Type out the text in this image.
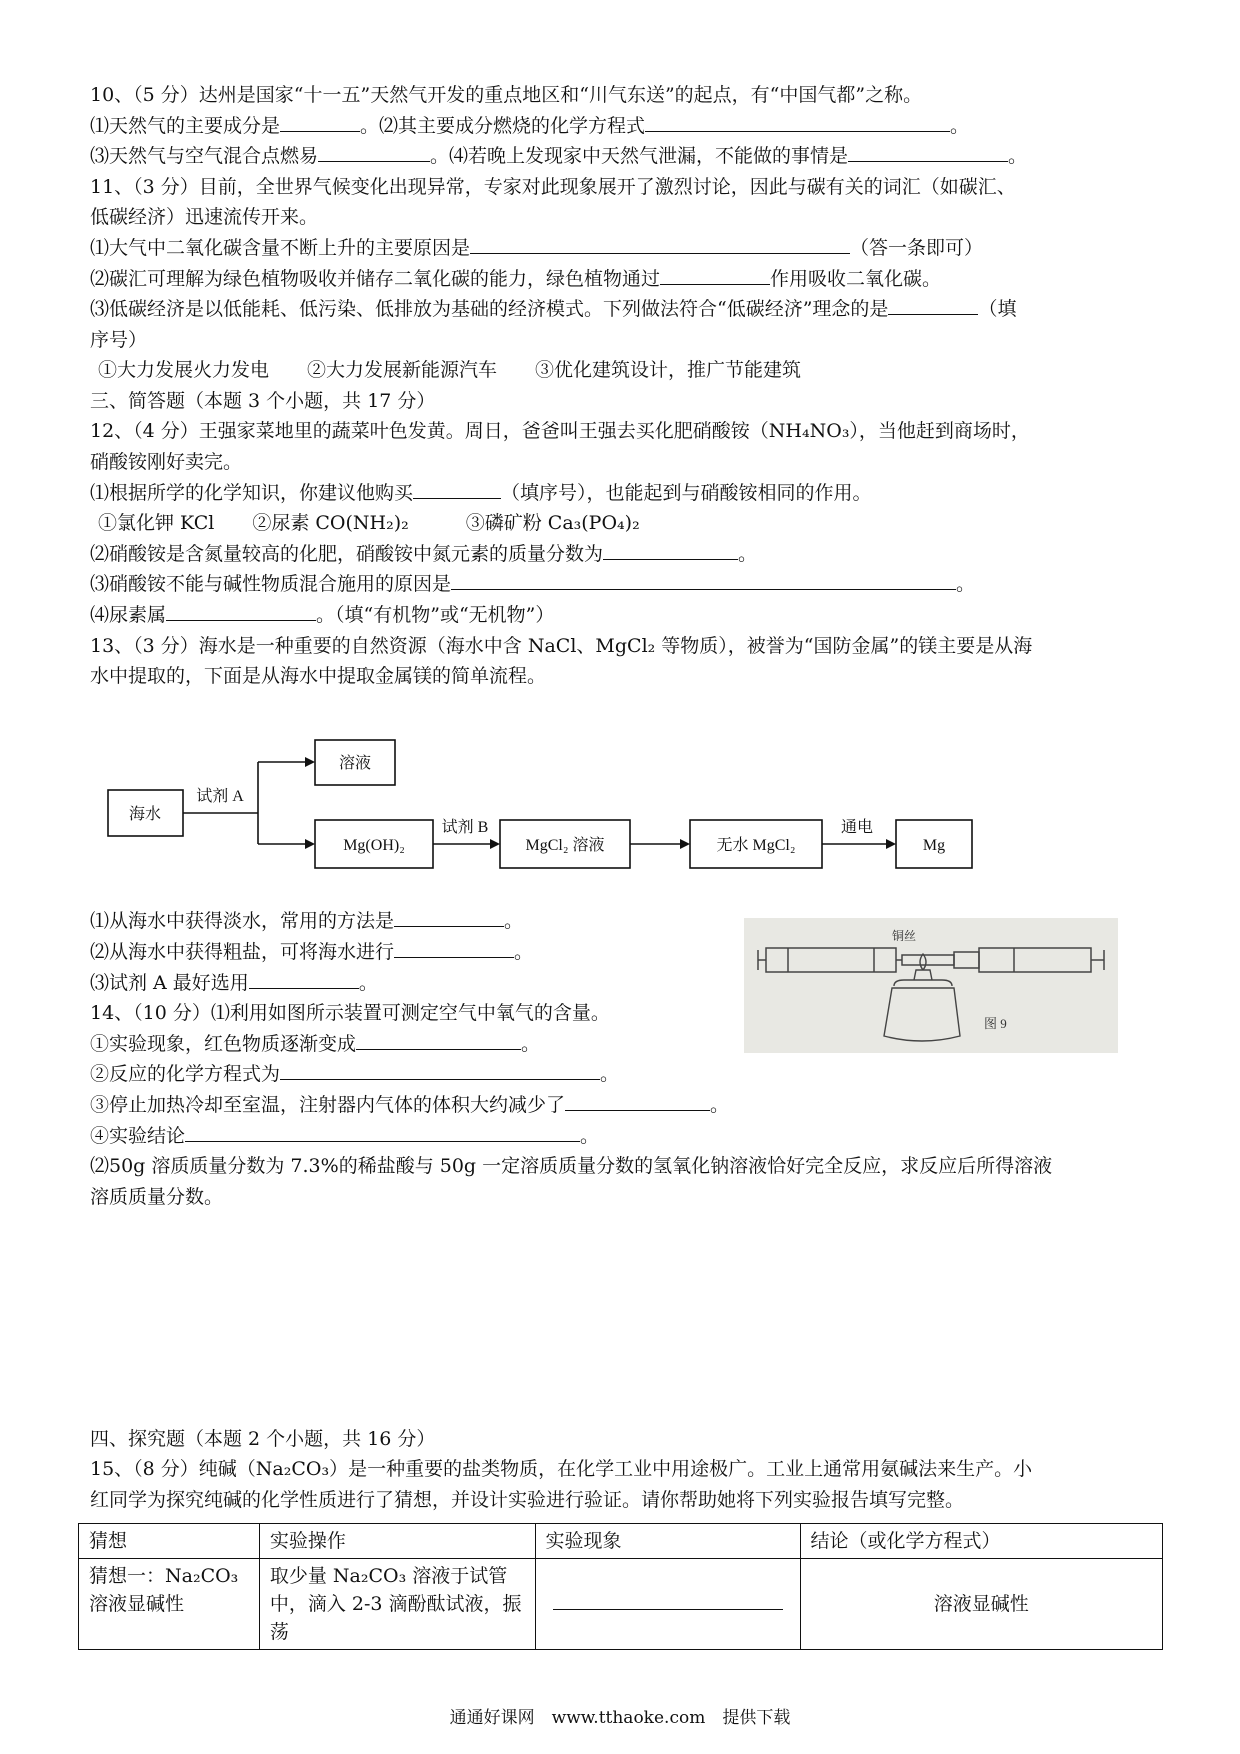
10、（5 分）达州是国家“十一五”天然气开发的重点地区和“川气东送”的起点，有“中国气都”之称。
⑴天然气的主要成分是	。⑵其主要成分燃烧的化学方程式	。
⑶天然气与空气混合点燃易	。⑷若晚上发现家中天然气泄漏，不能做的事情是	。
11、（3 分）目前，全世界气候变化出现异常，专家对此现象展开了激烈讨论，因此与碳有关的词汇（如碳汇、
低碳经济）迅速流传开来。
⑴大气中二氧化碳含量不断上升的主要原因是	（答一条即可）
⑵碳汇可理解为绿色植物吸收并储存二氧化碳的能力，绿色植物通过	作用吸收二氧化碳。
⑶低碳经济是以低能耗、低污染、低排放为基础的经济模式。下列做法符合“低碳经济”理念的是	（填
序号）
①大力发展火力发电　　②大力发展新能源汽车　　③优化建筑设计，推广节能建筑
三、简答题（本题 3 个小题，共 17 分）
12、（4 分）王强家菜地里的蔬菜叶色发黄。周日，爸爸叫王强去买化肥硝酸铵（NH₄NO₃），当他赶到商场时，
硝酸铵刚好卖完。
⑴根据所学的化学知识，你建议他购买	（填序号），也能起到与硝酸铵相同的作用。
①氯化钾 KCl　　②尿素 CO(NH₂)₂　　　③磷矿粉 Ca₃(PO₄)₂
⑵硝酸铵是含氮量较高的化肥，硝酸铵中氮元素的质量分数为	。
⑶硝酸铵不能与碱性物质混合施用的原因是	。
⑷尿素属	。（填“有机物”或“无机物”）
13、（3 分）海水是一种重要的自然资源（海水中含 NaCl、MgCl₂ 等物质），被誉为“国防金属”的镁主要是从海
水中提取的，下面是从海水中提取金属镁的简单流程。
海水
试剂 A
溶液
Mg(OH)₂
试剂 B
MgCl₂ 溶液	无水 MgCl₂
通电
Mg
铜丝
图 9
⑴从海水中获得淡水，常用的方法是	。
⑵从海水中获得粗盐，可将海水进行	。
⑶试剂 A 最好选用	。
14、（10 分）⑴利用如图所示装置可测定空气中氧气的含量。
①实验现象，红色物质逐渐变成	。
②反应的化学方程式为	。
③停止加热冷却至室温，注射器内气体的体积大约减少了	。
④实验结论	。
⑵50g 溶质质量分数为 7.3%的稀盐酸与 50g 一定溶质质量分数的氢氧化钠溶液恰好完全反应，求反应后所得溶液
溶质质量分数。
四、探究题（本题 2 个小题，共 16 分）
15、（8 分）纯碱（Na₂CO₃）是一种重要的盐类物质，在化学工业中用途极广。工业上通常用氨碱法来生产。小
红同学为探究纯碱的化学性质进行了猜想，并设计实验进行验证。请你帮助她将下列实验报告填写完整。
猜想	实验操作	实验现象	结论（或化学方程式）
猜想一：Na₂CO₃ 溶液显碱性	取少量 Na₂CO₃ 溶液于试管中，滴入 2-3 滴酚酞试液，振荡		溶液显碱性
通通好课网　www.tthaoke.com　提供下载
